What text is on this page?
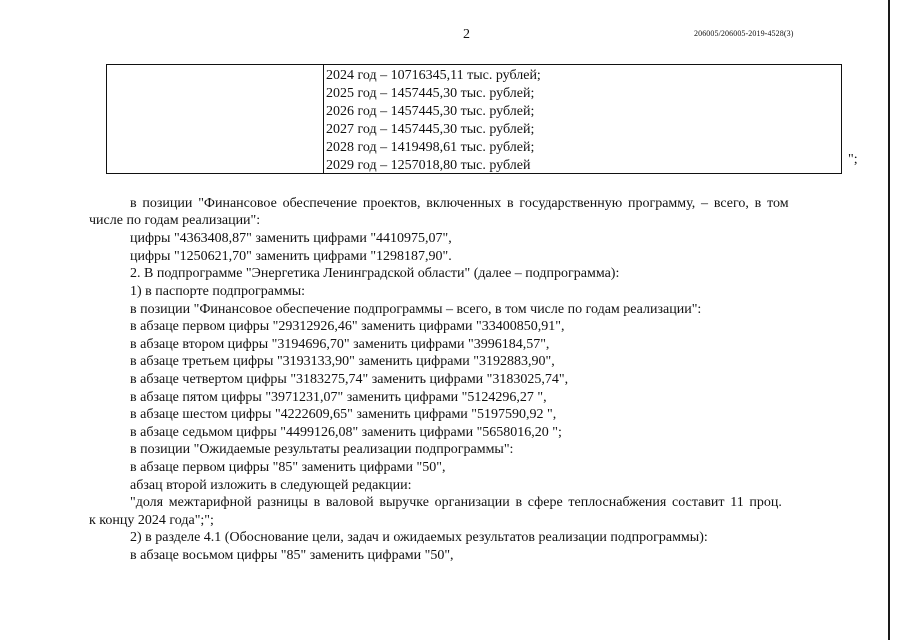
2	206005/206005-2019-4528(3)
2024 год – 10716345,11 тыс. рублей;
2025 год – 1457445,30 тыс. рублей;
2026 год – 1457445,30 тыс. рублей;
2027 год – 1457445,30 тыс. рублей;
2028 год – 1419498,61 тыс. рублей;
2029 год – 1257018,80 тыс. рублей	";
в позиции "Финансовое обеспечение проектов, включенных в государственную программу, – всего, в том
числе по годам реализации":
цифры "4363408,87" заменить цифрами "4410975,07",
цифры "1250621,70" заменить цифрами "1298187,90".
2. В подпрограмме "Энергетика Ленинградской области" (далее – подпрограмма):
1) в паспорте подпрограммы:
в позиции "Финансовое обеспечение подпрограммы – всего, в том числе по годам реализации":
в абзаце первом цифры "29312926,46" заменить цифрами "33400850,91",
в абзаце втором цифры "3194696,70" заменить цифрами "3996184,57",
в абзаце третьем цифры "3193133,90" заменить цифрами "3192883,90",
в абзаце четвертом цифры "3183275,74" заменить цифрами "3183025,74",
в абзаце пятом цифры "3971231,07" заменить цифрами "5124296,27 ",
в абзаце шестом цифры "4222609,65" заменить цифрами "5197590,92 ",
в абзаце седьмом цифры "4499126,08" заменить цифрами "5658016,20 ";
в позиции "Ожидаемые результаты реализации подпрограммы":
в абзаце первом цифры "85" заменить цифрами "50",
абзац второй изложить в следующей редакции:
"доля межтарифной разницы в валовой выручке организации в сфере теплоснабжения составит 11 проц.
к концу 2024 года";";
2) в разделе 4.1 (Обоснование цели, задач и ожидаемых результатов реализации подпрограммы):
в абзаце восьмом цифры "85" заменить цифрами "50",
